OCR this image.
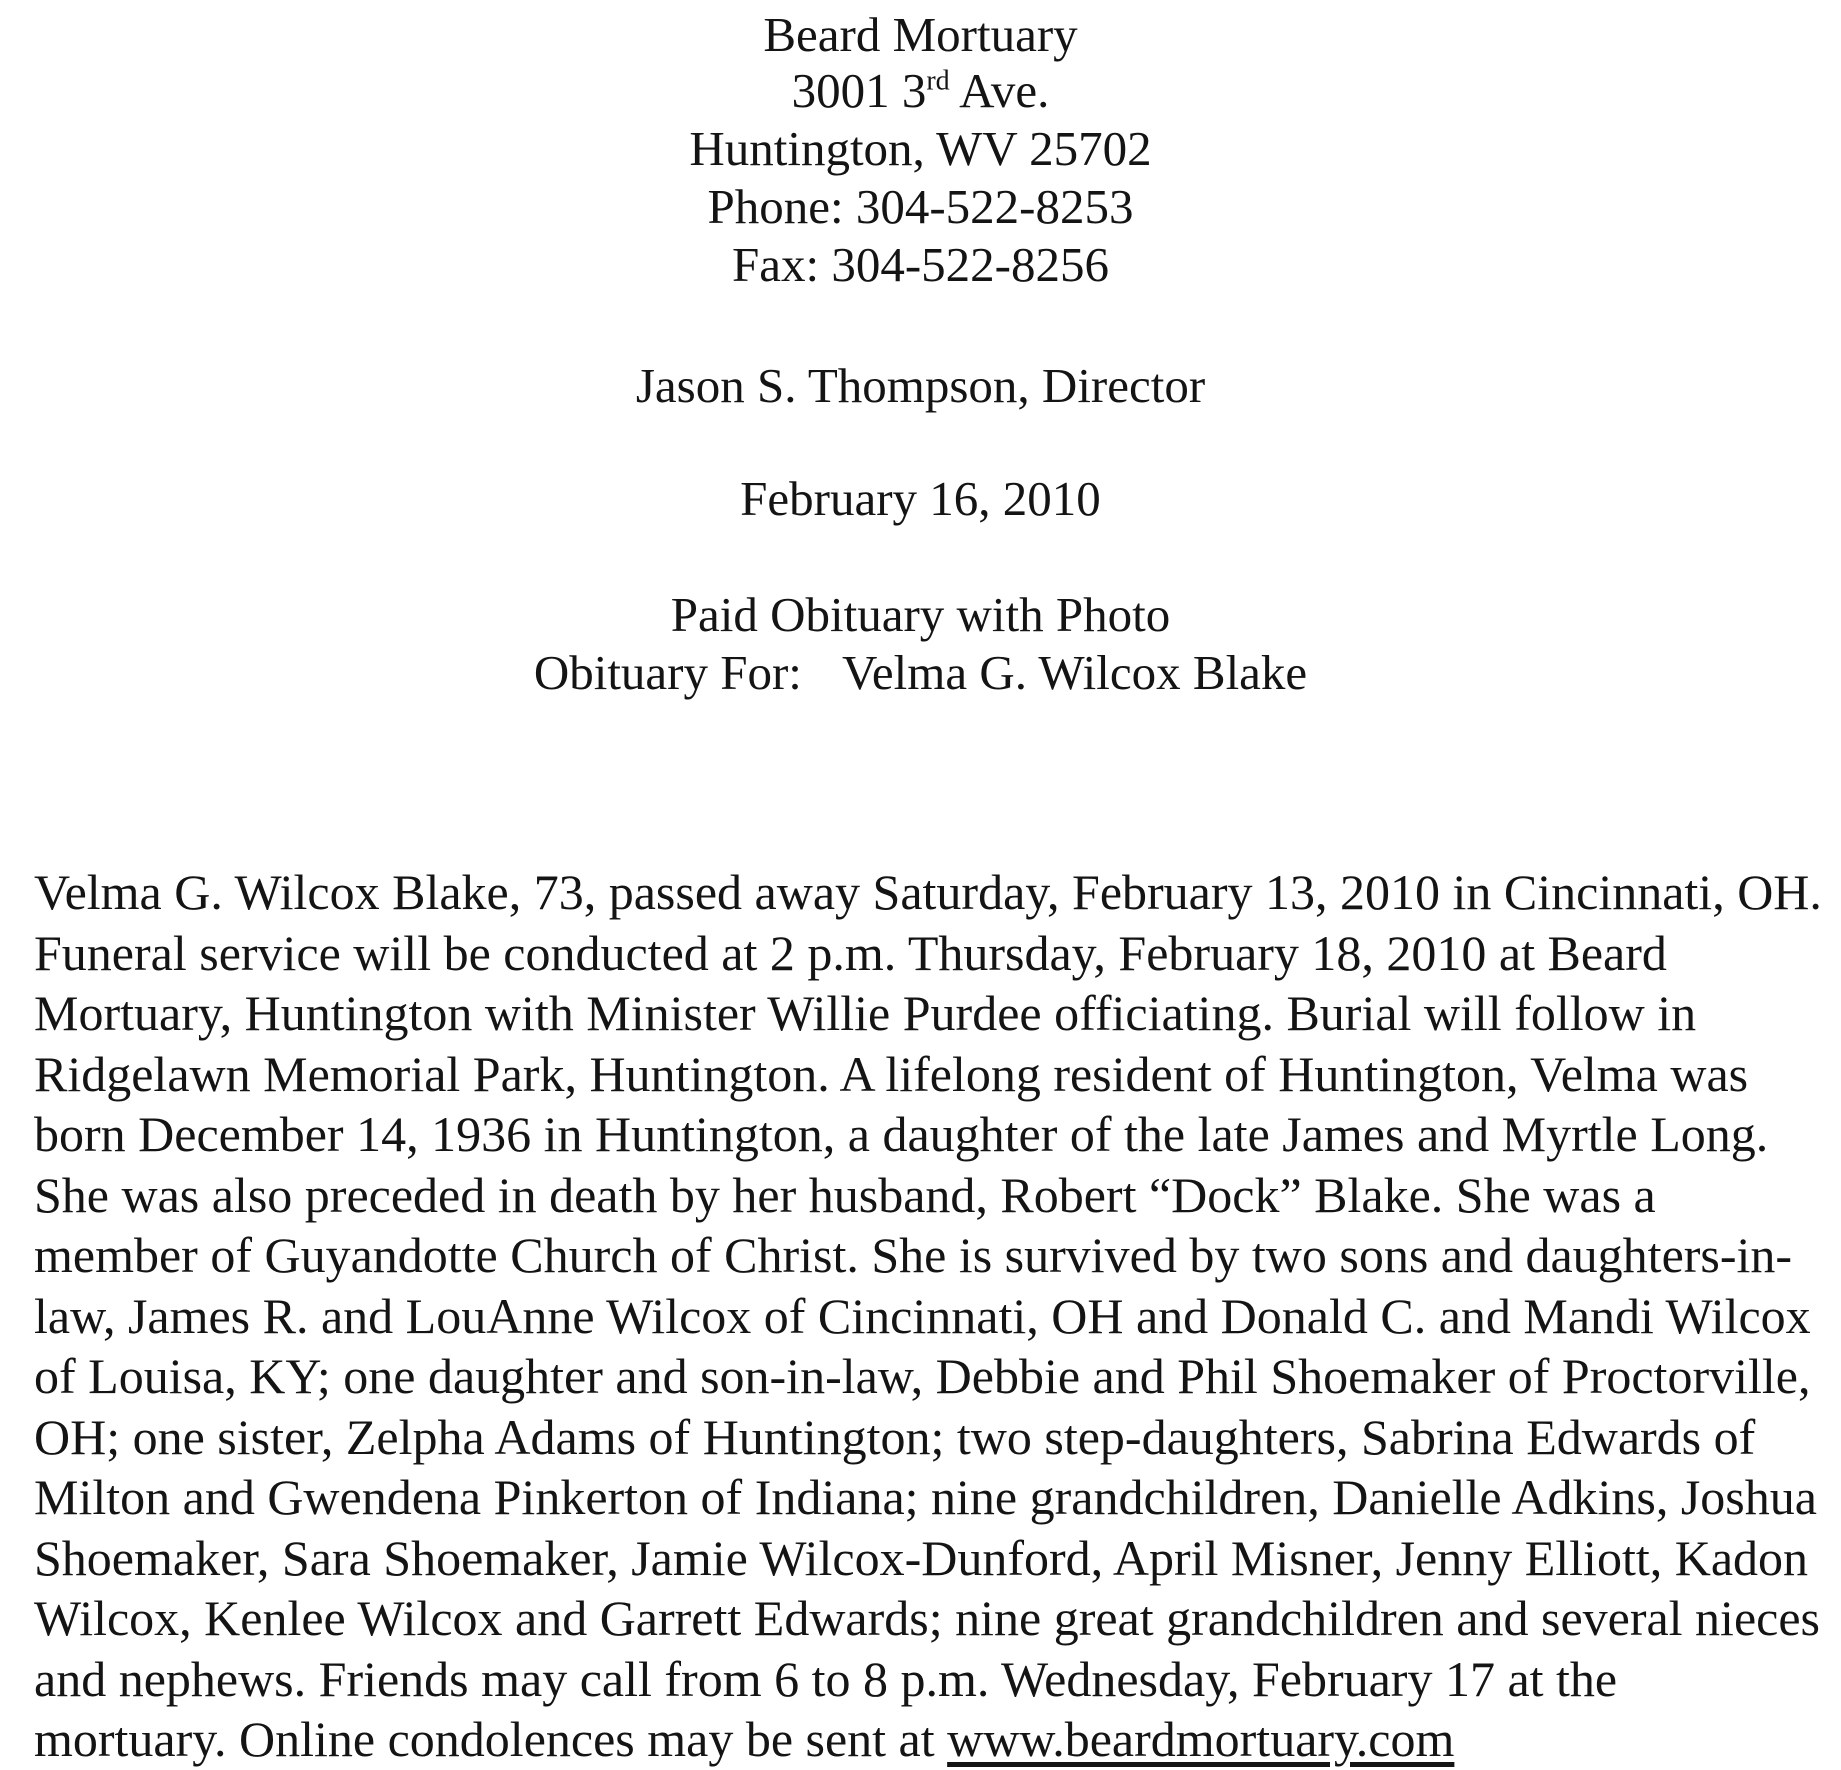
Beard Mortuary
3001 3rd Ave.
Huntington, WV 25702
Phone: 304-522-8253
Fax: 304-522-8256
Jason S. Thompson, Director
February 16, 2010
Paid Obituary with Photo
Obituary For: Velma G. Wilcox Blake
Velma G. Wilcox Blake, 73, passed away Saturday, February 13, 2010 in Cincinnati, OH.
Funeral service will be conducted at 2 p.m. Thursday, February 18, 2010 at Beard
Mortuary, Huntington with Minister Willie Purdee officiating. Burial will follow in
Ridgelawn Memorial Park, Huntington. A lifelong resident of Huntington, Velma was
born December 14, 1936 in Huntington, a daughter of the late James and Myrtle Long.
She was also preceded in death by her husband, Robert “Dock” Blake. She was a
member of Guyandotte Church of Christ. She is survived by two sons and daughters-in-
law, James R. and LouAnne Wilcox of Cincinnati, OH and Donald C. and Mandi Wilcox
of Louisa, KY; one daughter and son-in-law, Debbie and Phil Shoemaker of Proctorville,
OH; one sister, Zelpha Adams of Huntington; two step-daughters, Sabrina Edwards of
Milton and Gwendena Pinkerton of Indiana; nine grandchildren, Danielle Adkins, Joshua
Shoemaker, Sara Shoemaker, Jamie Wilcox-Dunford, April Misner, Jenny Elliott, Kadon
Wilcox, Kenlee Wilcox and Garrett Edwards; nine great grandchildren and several nieces
and nephews. Friends may call from 6 to 8 p.m. Wednesday, February 17 at the
mortuary. Online condolences may be sent at www.beardmortuary.com
